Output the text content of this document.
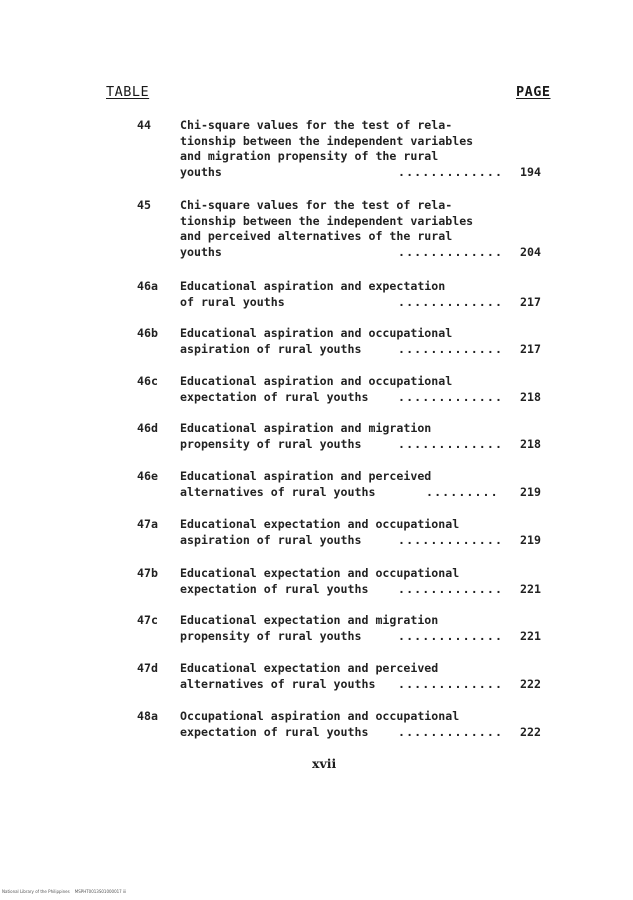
TABLE	PAGE
44	Chi-square values for the test of rela-
tionship between the independent variables
and migration propensity of the rural
youths	............. 194
45	Chi-square values for the test of rela-
tionship between the independent variables
and perceived alternatives of the rural
youths	............. 204
46a Educational aspiration and expectation
of rural youths	............. 217
46b Educational aspiration and occupational
aspiration of rural youths	............. 217
46c Educational aspiration and occupational
expectation of rural youths	............. 218
46d Educational aspiration and migration
propensity of rural youths	............. 218
46e Educational aspiration and perceived
alternatives of rural youths	......... 219
47a Educational expectation and occupational
aspiration of rural youths	............. 219
47b Educational expectation and occupational
expectation of rural youths	............. 221
47c Educational expectation and migration
propensity of rural youths	............. 221
47d Educational expectation and perceived
alternatives of rural youths	............. 222
48a Occupational aspiration and occupational
expectation of rural youths	............. 222
xvii
National Library of the Philippines    MSPHT0013S01000017 iii
